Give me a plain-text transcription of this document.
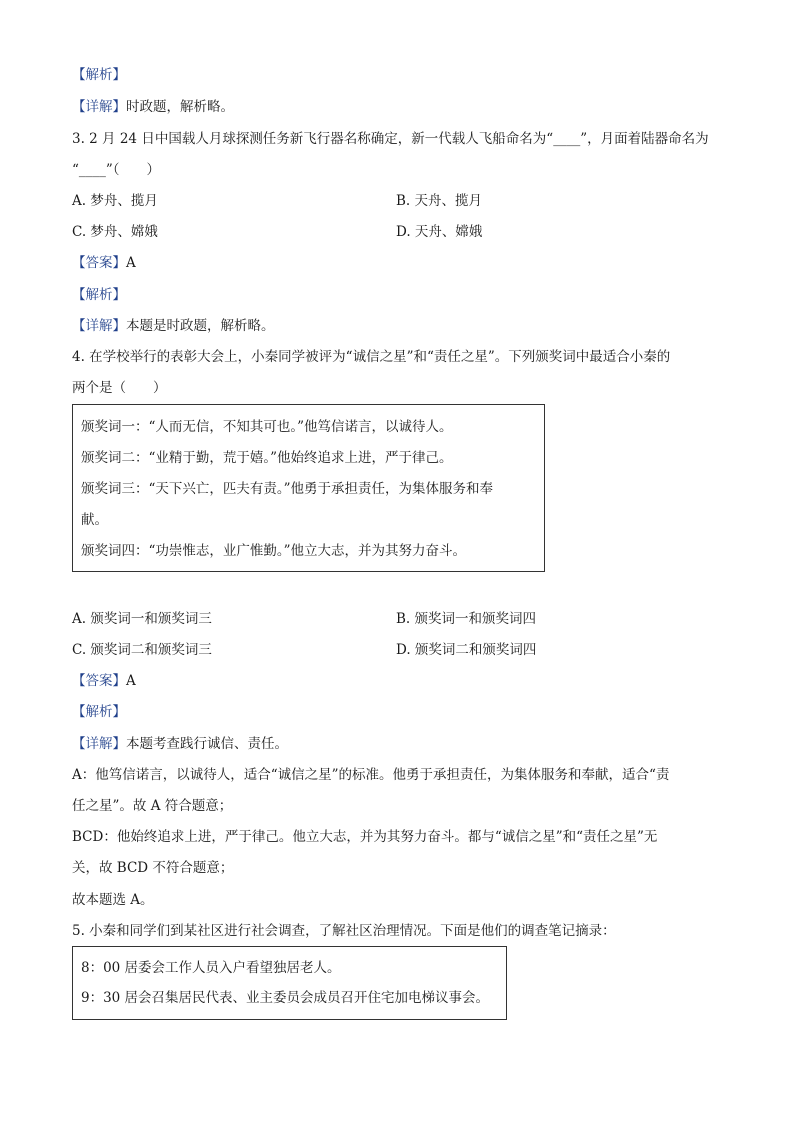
【解析】
【详解】时政题，解析略。
3. 2 月 24 日中国载人月球探测任务新飞行器名称确定，新一代载人飞船命名为“____”，月面着陆器命名为
“____”（　　）
A. 梦舟、揽月	B. 天舟、揽月
C. 梦舟、嫦娥	D. 天舟、嫦娥
【答案】A
【解析】
【详解】本题是时政题，解析略。
4. 在学校举行的表彰大会上，小秦同学被评为“诚信之星”和“责任之星”。下列颁奖词中最适合小秦的
两个是（　　）
颁奖词一：“人而无信，不知其可也。”他笃信诺言，以诚待人。
颁奖词二：“业精于勤，荒于嬉。”他始终追求上进，严于律己。
颁奖词三：“天下兴亡，匹夫有责。”他勇于承担责任，为集体服务和奉
献。
颁奖词四：“功崇惟志，业广惟勤。”他立大志，并为其努力奋斗。
A. 颁奖词一和颁奖词三	B. 颁奖词一和颁奖词四
C. 颁奖词二和颁奖词三	D. 颁奖词二和颁奖词四
【答案】A
【解析】
【详解】本题考查践行诚信、责任。
A：他笃信诺言，以诚待人，适合“诚信之星”的标准。他勇于承担责任，为集体服务和奉献，适合“责
任之星”。故 A 符合题意；
BCD：他始终追求上进，严于律己。他立大志，并为其努力奋斗。都与“诚信之星”和“责任之星”无
关，故 BCD 不符合题意；
故本题选 A。
5. 小秦和同学们到某社区进行社会调查，了解社区治理情况。下面是他们的调查笔记摘录：
8：00 居委会工作人员入户看望独居老人。
9：30 居会召集居民代表、业主委员会成员召开住宅加电梯议事会。
